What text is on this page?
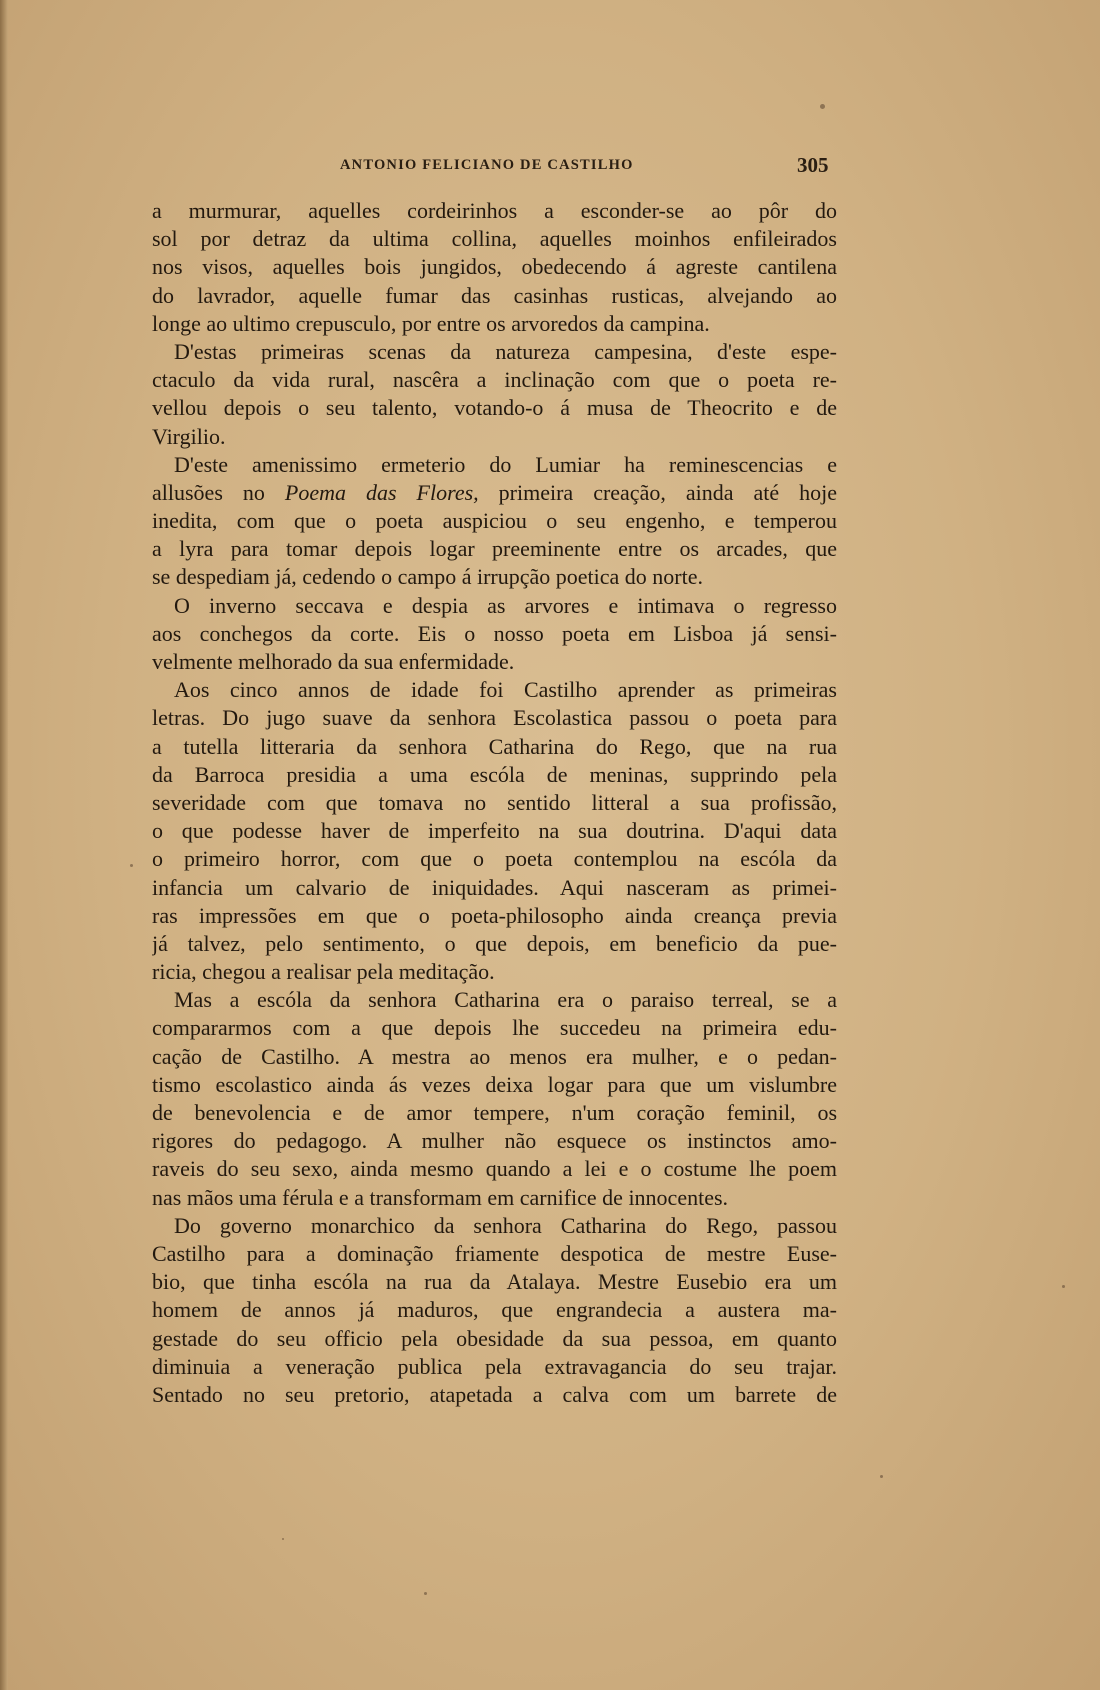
ANTONIO FELICIANO DE CASTILHO	305
a murmurar, aquelles cordeirinhos a esconder-se ao pôr do
sol por detraz da ultima collina, aquelles moinhos enfileirados
nos visos, aquelles bois jungidos, obedecendo á agreste cantilena
do lavrador, aquelle fumar das casinhas rusticas, alvejando ao
longe ao ultimo crepusculo, por entre os arvoredos da campina.
D'estas primeiras scenas da natureza campesina, d'este espe-
ctaculo da vida rural, nascêra a inclinação com que o poeta re-
vellou depois o seu talento, votando-o á musa de Theocrito e de
Virgilio.
D'este amenissimo ermeterio do Lumiar ha reminescencias e
allusões no Poema das Flores, primeira creação, ainda até hoje
inedita, com que o poeta auspiciou o seu engenho, e temperou
a lyra para tomar depois logar preeminente entre os arcades, que
se despediam já, cedendo o campo á irrupção poetica do norte.
O inverno seccava e despia as arvores e intimava o regresso
aos conchegos da corte. Eis o nosso poeta em Lisboa já sensi-
velmente melhorado da sua enfermidade.
Aos cinco annos de idade foi Castilho aprender as primeiras
letras. Do jugo suave da senhora Escolastica passou o poeta para
a tutella litteraria da senhora Catharina do Rego, que na rua
da Barroca presidia a uma escóla de meninas, supprindo pela
severidade com que tomava no sentido litteral a sua profissão,
o que podesse haver de imperfeito na sua doutrina. D'aqui data
o primeiro horror, com que o poeta contemplou na escóla da
infancia um calvario de iniquidades. Aqui nasceram as primei-
ras impressões em que o poeta-philosopho ainda creança previa
já talvez, pelo sentimento, o que depois, em beneficio da pue-
ricia, chegou a realisar pela meditação.
Mas a escóla da senhora Catharina era o paraiso terreal, se a
compararmos com a que depois lhe succedeu na primeira edu-
cação de Castilho. A mestra ao menos era mulher, e o pedan-
tismo escolastico ainda ás vezes deixa logar para que um vislumbre
de benevolencia e de amor tempere, n'um coração feminil, os
rigores do pedagogo. A mulher não esquece os instinctos amo-
raveis do seu sexo, ainda mesmo quando a lei e o costume lhe poem
nas mãos uma férula e a transformam em carnifice de innocentes.
Do governo monarchico da senhora Catharina do Rego, passou
Castilho para a dominação friamente despotica de mestre Euse-
bio, que tinha escóla na rua da Atalaya. Mestre Eusebio era um
homem de annos já maduros, que engrandecia a austera ma-
gestade do seu officio pela obesidade da sua pessoa, em quanto
diminuia a veneração publica pela extravagancia do seu trajar.
Sentado no seu pretorio, atapetada a calva com um barrete de
